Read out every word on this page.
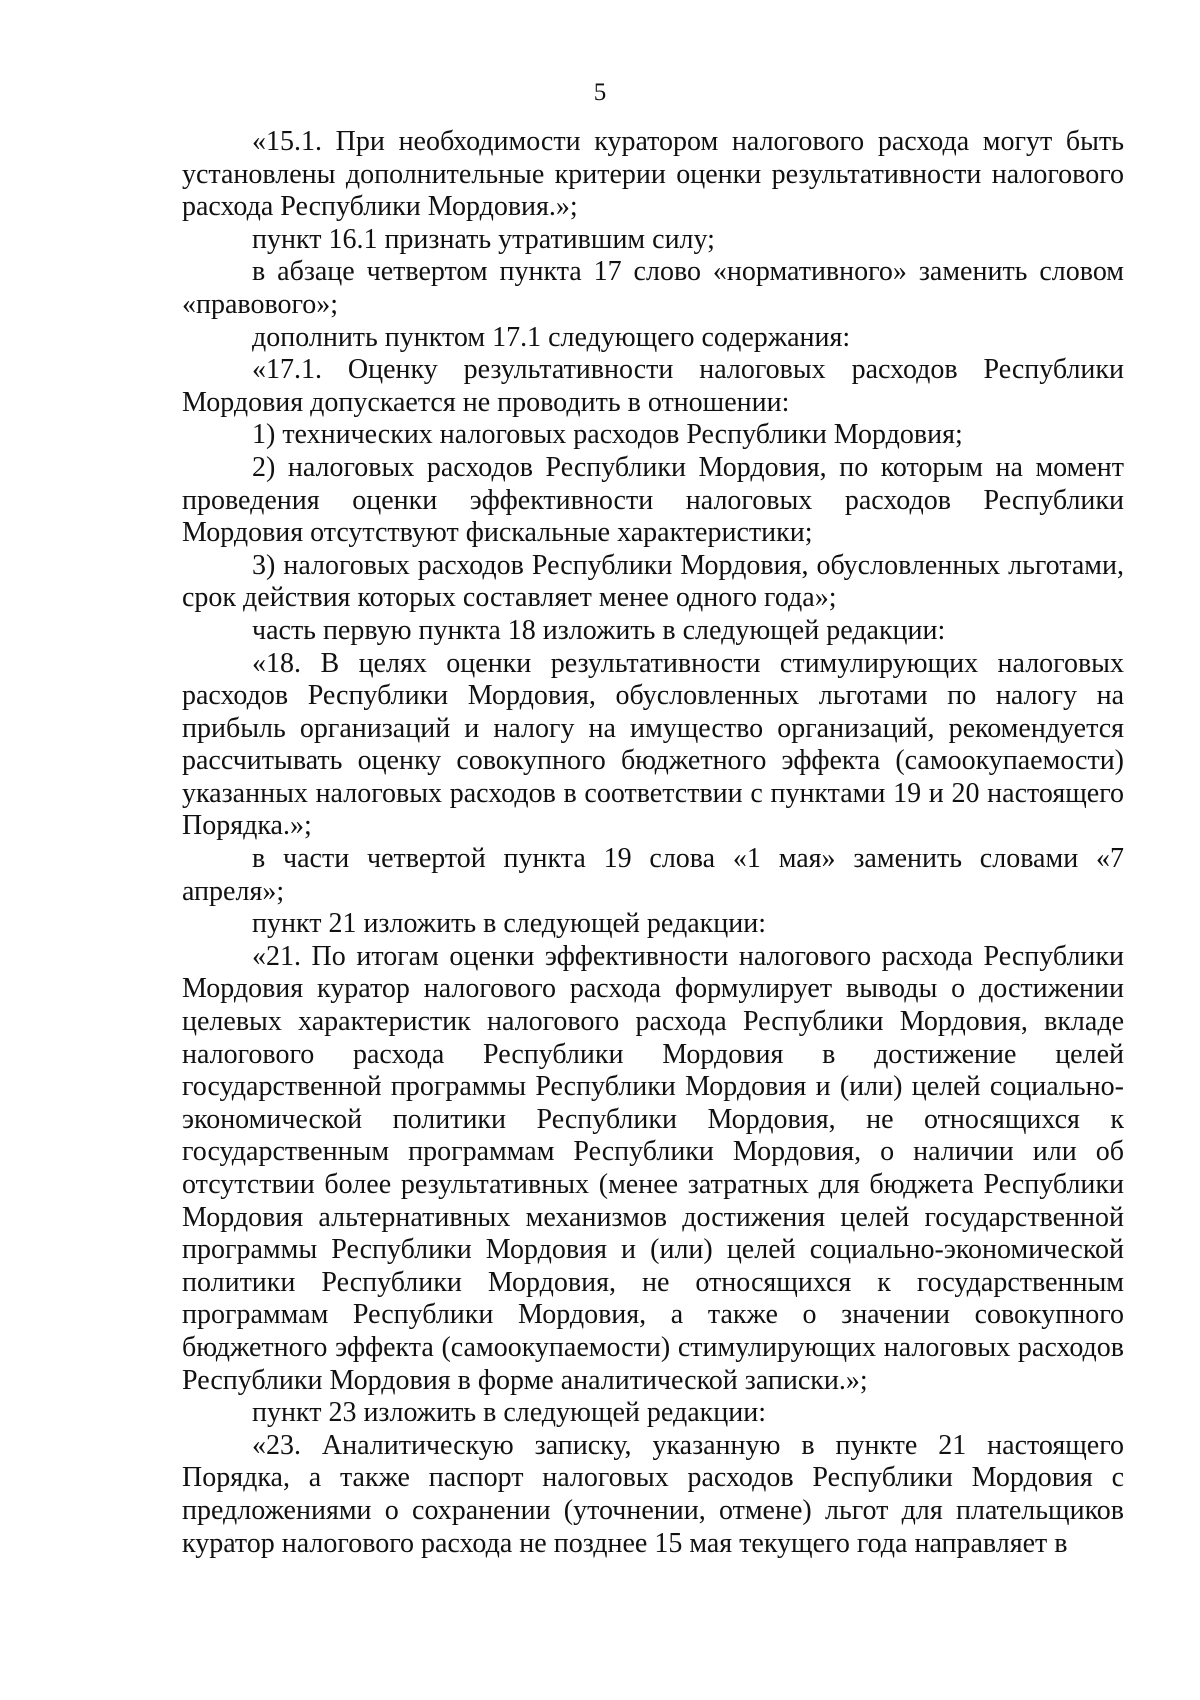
5

«15.1. При необходимости куратором налогового расхода могут быть установлены дополнительные критерии оценки результативности налогового расхода Республики Мордовия.»;

пункт 16.1 признать утратившим силу;

в абзаце четвертом пункта 17 слово «нормативного» заменить словом «правового»;

дополнить пунктом 17.1 следующего содержания:

«17.1. Оценку результативности налоговых расходов Республики Мордовия допускается не проводить в отношении:

1) технических налоговых расходов Республики Мордовия;

2) налоговых расходов Республики Мордовия, по которым на момент проведения оценки эффективности налоговых расходов Республики Мордовия отсутствуют фискальные характеристики;

3) налоговых расходов Республики Мордовия, обусловленных льготами, срок действия которых составляет менее одного года»;

часть первую пункта 18 изложить в следующей редакции:

«18. В целях оценки результативности стимулирующих налоговых расходов Республики Мордовия, обусловленных льготами по налогу на прибыль организаций и налогу на имущество организаций, рекомендуется рассчитывать оценку совокупного бюджетного эффекта (самоокупаемости) указанных налоговых расходов в соответствии с пунктами 19 и 20 настоящего Порядка.»;

в части четвертой пункта 19 слова «1 мая» заменить словами «7 апреля»;

пункт 21 изложить в следующей редакции:

«21. По итогам оценки эффективности налогового расхода Республики Мордовия куратор налогового расхода формулирует выводы о достижении целевых характеристик налогового расхода Республики Мордовия, вкладе налогового расхода Республики Мордовия в достижение целей государственной программы Республики Мордовия и (или) целей социально-экономической политики Республики Мордовия, не относящихся к государственным программам Республики Мордовия, о наличии или об отсутствии более результативных (менее затратных для бюджета Республики Мордовия альтернативных механизмов достижения целей государственной программы Республики Мордовия и (или) целей социально-экономической политики Республики Мордовия, не относящихся к государственным программам Республики Мордовия, а также о значении совокупного бюджетного эффекта (самоокупаемости) стимулирующих налоговых расходов Республики Мордовия в форме аналитической записки.»;

пункт 23 изложить в следующей редакции:

«23. Аналитическую записку, указанную в пункте 21 настоящего Порядка, а также паспорт налоговых расходов Республики Мордовия с предложениями о сохранении (уточнении, отмене) льгот для плательщиков куратор налогового расхода не позднее 15 мая текущего года направляет в
